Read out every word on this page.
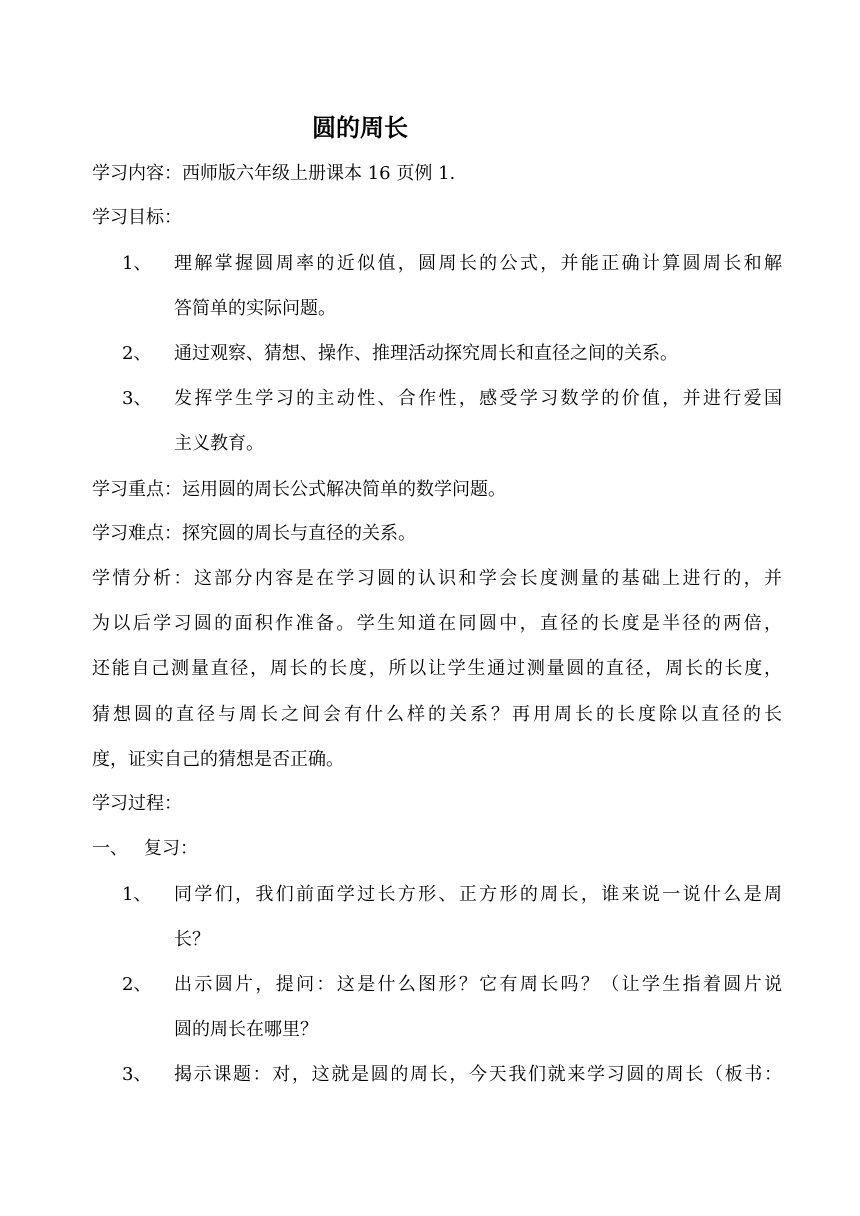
圆的周长
学习内容：西师版六年级上册课本 16 页例 1.
学习目标：
1、 理解掌握圆周率的近似值，圆周长的公式，并能正确计算圆周长和解
答简单的实际问题。
2、 通过观察、猜想、操作、推理活动探究周长和直径之间的关系。
3、 发挥学生学习的主动性、合作性，感受学习数学的价值，并进行爱国
主义教育。
学习重点：运用圆的周长公式解决简单的数学问题。
学习难点：探究圆的周长与直径的关系。
学情分析：这部分内容是在学习圆的认识和学会长度测量的基础上进行的，并
为以后学习圆的面积作准备。学生知道在同圆中，直径的长度是半径的两倍，
还能自己测量直径，周长的长度，所以让学生通过测量圆的直径，周长的长度，
猜想圆的直径与周长之间会有什么样的关系？再用周长的长度除以直径的长
度，证实自己的猜想是否正确。
学习过程：
一、 复习：
1、 同学们，我们前面学过长方形、正方形的周长，谁来说一说什么是周
长？
2、 出示圆片，提问：这是什么图形？它有周长吗？（让学生指着圆片说
圆的周长在哪里？
3、 揭示课题：对，这就是圆的周长，今天我们就来学习圆的周长（板书：
